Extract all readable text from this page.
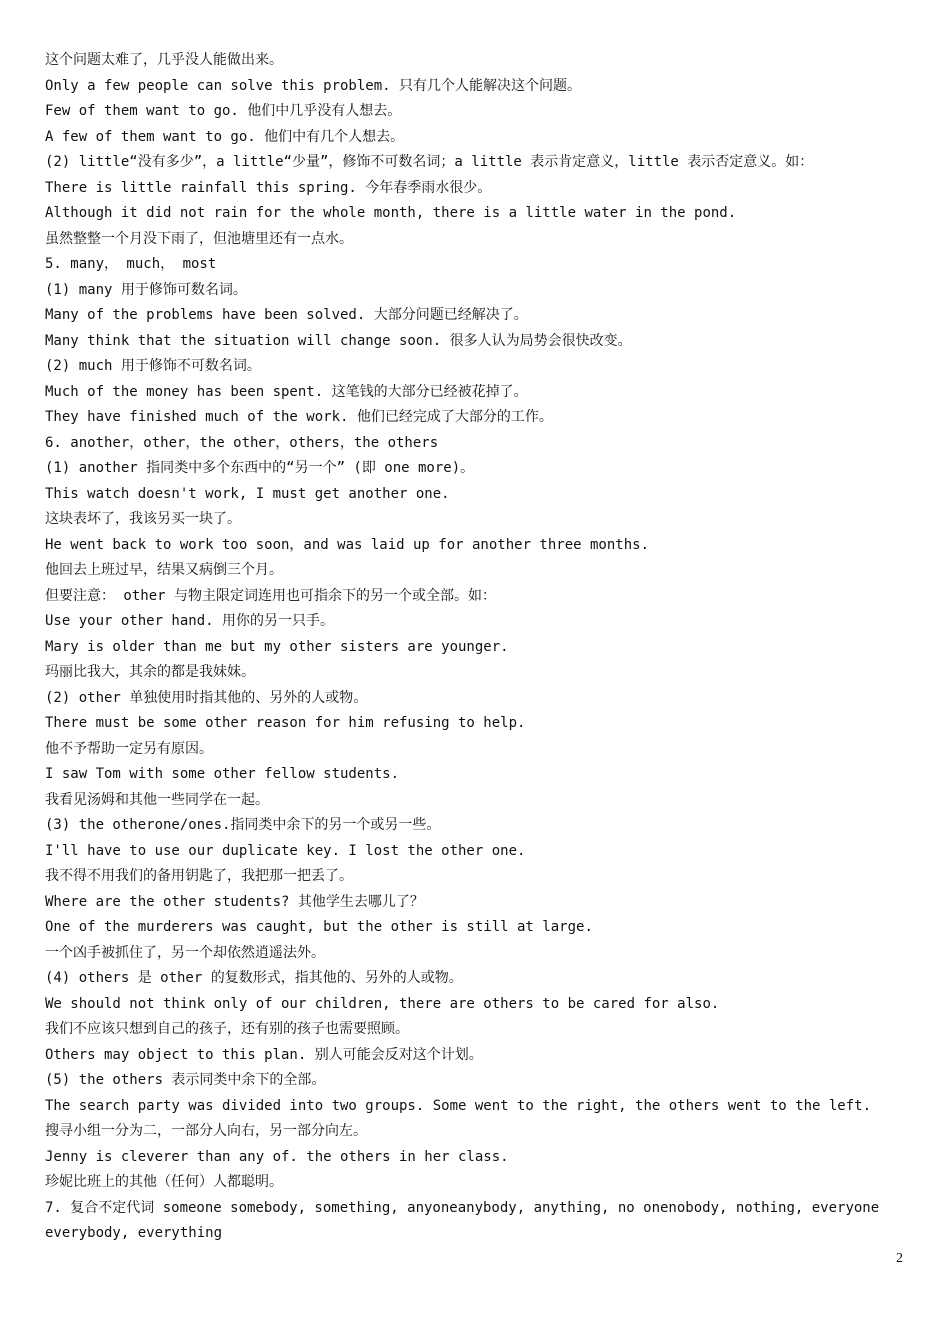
这个问题太难了，几乎没人能做出来。
Only a few people can solve this problem. 只有几个人能解决这个问题。
Few of them want to go. 他们中几乎没有人想去。
A few of them want to go. 他们中有几个人想去。
(2) little“没有多少”，a little“少量”，修饰不可数名词；a little 表示肯定意义，little 表示否定意义。如：
There is little rainfall this spring. 今年春季雨水很少。
Although it did not rain for the whole month, there is a little water in the pond.
虽然整整一个月没下雨了，但池塘里还有一点水。
5. many， much， most
(1) many 用于修饰可数名词。
Many of the problems have been solved. 大部分问题已经解决了。
Many think that the situation will change soon. 很多人认为局势会很快改变。
(2) much 用于修饰不可数名词。
Much of the money has been spent. 这笔钱的大部分已经被花掉了。
They have finished much of the work. 他们已经完成了大部分的工作。
6. another，other，the other，others，the others
(1) another 指同类中多个东西中的“另一个” (即 one more)。
This watch doesn't work, I must get another one.
这块表坏了，我该另买一块了。
He went back to work too soon，and was laid up for another three months.
他回去上班过早，结果又病倒三个月。
但要注意： other 与物主限定词连用也可指余下的另一个或全部。如：
Use your other hand. 用你的另一只手。
Mary is older than me but my other sisters are younger.
玛丽比我大，其余的都是我妹妹。
(2) other 单独使用时指其他的、另外的人或物。
There must be some other reason for him refusing to help.
他不予帮助一定另有原因。
I saw Tom with some other fellow students.
我看见汤姆和其他一些同学在一起。
(3) the otherone/ones.指同类中余下的另一个或另一些。
I'll have to use our duplicate key. I lost the other one.
我不得不用我们的备用钥匙了，我把那一把丢了。
Where are the other students? 其他学生去哪儿了？
One of the murderers was caught, but the other is still at large.
一个凶手被抓住了，另一个却依然逍遥法外。
(4) others 是 other 的复数形式，指其他的、另外的人或物。
We should not think only of our children, there are others to be cared for also.
我们不应该只想到自己的孩子，还有别的孩子也需要照顾。
Others may object to this plan. 别人可能会反对这个计划。
(5) the others 表示同类中余下的全部。
The search party was divided into two groups. Some went to the right, the others went to the left.
搜寻小组一分为二，一部分人向右，另一部分向左。
Jenny is cleverer than any of. the others in her class.
珍妮比班上的其他（任何）人都聪明。
7. 复合不定代词 someone somebody, something, anyoneanybody, anything, no onenobody, nothing, everyone
everybody, everything
2
